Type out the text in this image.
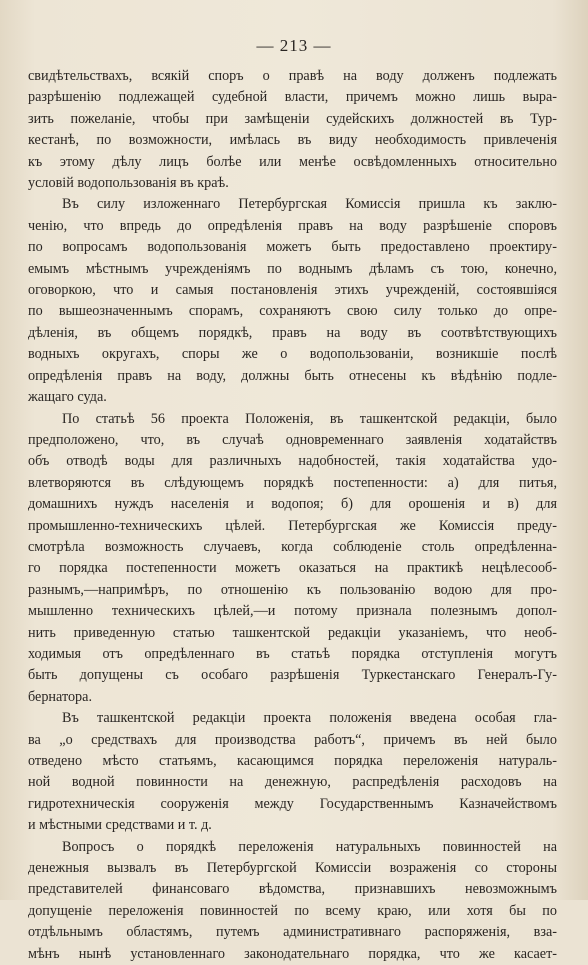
— 213 —
свидѣтельствахъ, всякій споръ о правѣ на воду долженъ подлежать
разрѣшенію подлежащей судебной власти, причемъ можно лишь выра-
зить пожеланіе, чтобы при замѣщеніи судейскихъ должностей въ Тур-
кестанѣ, по возможности, имѣлась въ виду необходимость привлеченія
къ этому дѣлу лицъ болѣе или менѣе освѣдомленныхъ относительно
условій водопользованія въ краѣ.
Въ силу изложеннаго Петербургская Комиссія пришла къ заклю-
ченію, что впредь до опредѣленія правъ на воду разрѣшеніе споровъ
по вопросамъ водопользованія можетъ быть предоставлено проектиру-
емымъ мѣстнымъ учрежденіямъ по воднымъ дѣламъ съ тою, конечно,
оговоркою, что и самыя постановленія этихъ учрежденій, состоявшіяся
по вышеозначеннымъ спорамъ, сохраняютъ свою силу только до опре-
дѣленія, въ общемъ порядкѣ, правъ на воду въ соотвѣтствующихъ
водныхъ округахъ, споры же о водопользованіи, возникшіе послѣ
опредѣленія правъ на воду, должны быть отнесены къ вѣдѣнію подле-
жащаго суда.
По статьѣ 56 проекта Положенія, въ ташкентской редакціи, было
предположено, что, въ случаѣ одновременнаго заявленія ходатайствъ
объ отводѣ воды для различныхъ надобностей, такія ходатайства удо-
влетворяются въ слѣдующемъ порядкѣ постепенности: а) для питья,
домашнихъ нуждъ населенія и водопоя; б) для орошенія и в) для
промышленно-техническихъ цѣлей. Петербургская же Комиссія преду-
смотрѣла возможность случаевъ, когда соблюденіе столь опредѣленна-
го порядка постепенности можетъ оказаться на практикѣ нецѣлесооб-
разнымъ,—напримѣръ, по отношенію къ пользованію водою для про-
мышленно техническихъ цѣлей,—и потому признала полезнымъ допол-
нить приведенную статью ташкентской редакціи указаніемъ, что необ-
ходимыя отъ опредѣленнаго въ статьѣ порядка отступленія могутъ
быть допущены съ особаго разрѣшенія Туркестанскаго Генералъ-Гу-
бернатора.
Въ ташкентской редакціи проекта положенія введена особая гла-
ва „о средствахъ для производства работъ“, причемъ въ ней было
отведено мѣсто статьямъ, касающимся порядка переложенія натураль-
ной водной повинности на денежную, распредѣленія расходовъ на
гидротехническія сооруженія между Государственнымъ Казначействомъ
и мѣстными средствами и т. д.
Вопросъ о порядкѣ переложенія натуральныхъ повинностей на
денежныя вызвалъ въ Петербургской Комиссіи возраженія со стороны
представителей финансоваго вѣдомства, признавшихъ невозможнымъ
допущеніе переложенія повинностей по всему краю, или хотя бы по
отдѣльнымъ областямъ, путемъ административнаго распоряженія, взa-
мѣнъ нынѣ установленнаго законодательнаго порядка, что же касает-
